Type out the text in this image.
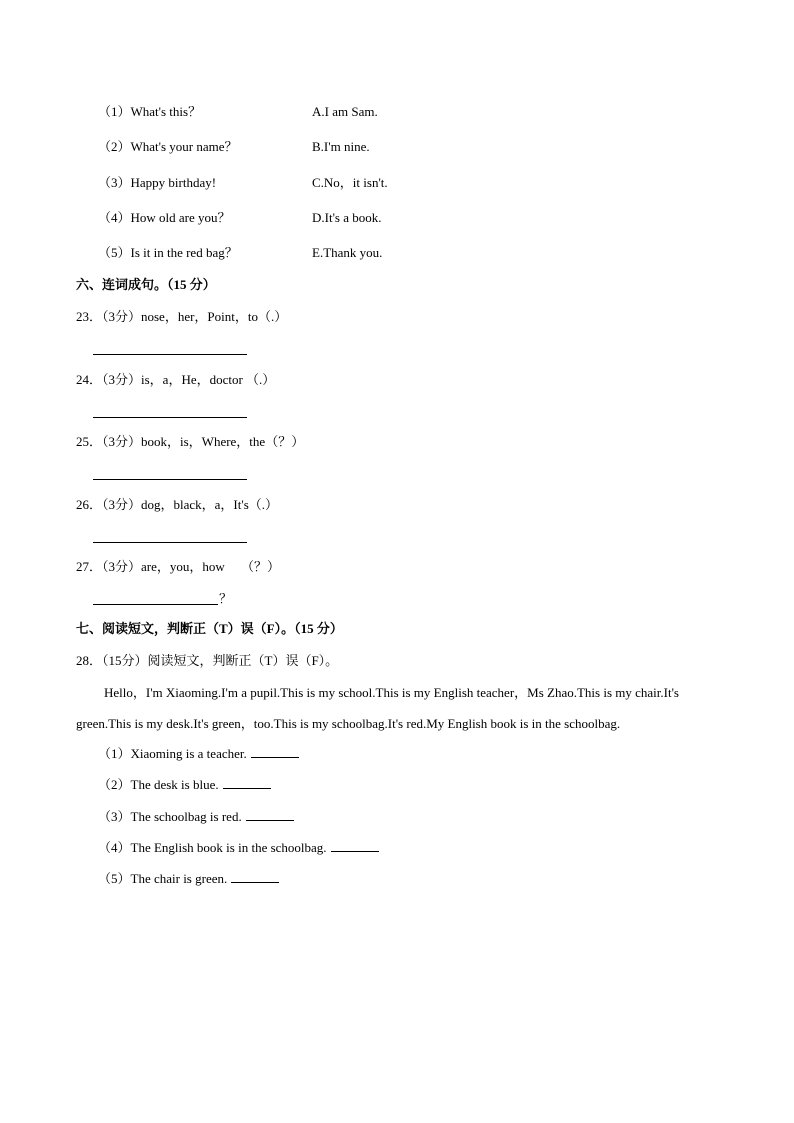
（1）What's this？	A.I am Sam.
（2）What's your name？	B.I'm nine.
（3）Happy birthday!	C.No，it isn't.
（4）How old are you？	D.It's a book.
（5）Is it in the red bag？	E.Thank you.
六、连词成句。（15 分）
23．（3分）nose，her，Point，to（.）
24．（3分）is，a，He，doctor （.）
25．（3分）book，is，Where，the（？）
26．（3分）dog，black，a，It's（.）
27．（3分）are，you，how　 （？）
？
七、阅读短文，判断正（T）误（F）。（15 分）
28．（15分）阅读短文，判断正（T）误（F）。
Hello，I'm Xiaoming.I'm a pupil.This is my school.This is my English teacher，Ms Zhao.This is my chair.It's green.This is my desk.It's green，too.This is my schoolbag.It's red.My English book is in the schoolbag.
（1）Xiaoming is a teacher.
（2）The desk is blue.
（3）The schoolbag is red.
（4）The English book is in the schoolbag.
（5）The chair is green.
